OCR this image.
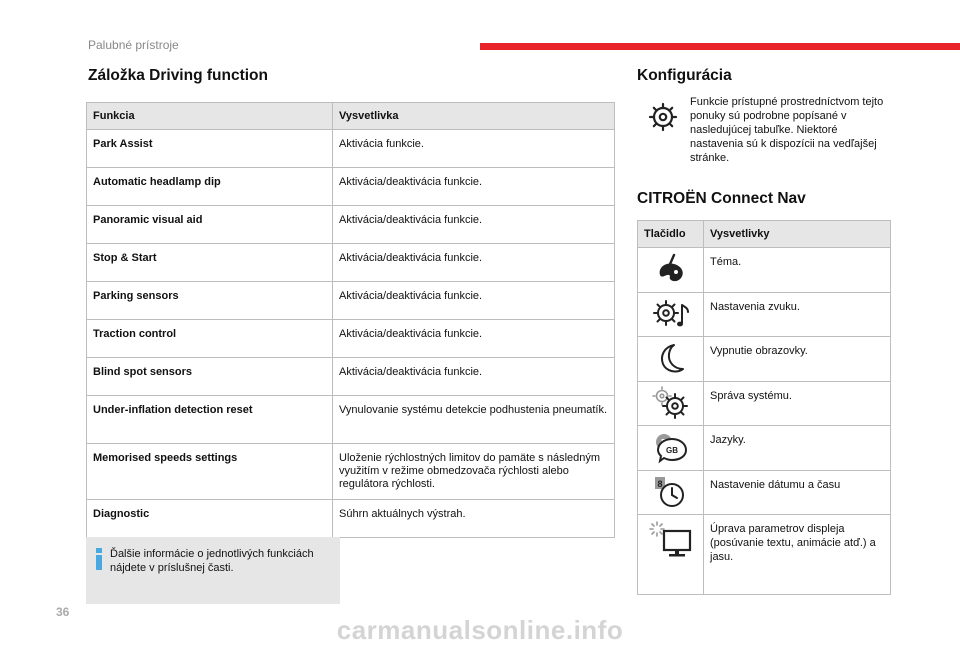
Palubné prístroje
Záložka Driving function
Funkcia	Vysvetlivka
Park Assist	Aktivácia funkcie.
Automatic headlamp dip	Aktivácia/deaktivácia funkcie.
Panoramic visual aid	Aktivácia/deaktivácia funkcie.
Stop & Start	Aktivácia/deaktivácia funkcie.
Parking sensors	Aktivácia/deaktivácia funkcie.
Traction control	Aktivácia/deaktivácia funkcie.
Blind spot sensors	Aktivácia/deaktivácia funkcie.
Under-inflation detection reset	Vynulovanie systému detekcie podhustenia pneumatík.
Memorised speeds settings	Uloženie rýchlostných limitov do pamäte s následným využitím v režime obmedzovača rýchlosti alebo regulátora rýchlosti.
Diagnostic	Súhrn aktuálnych výstrah.
Ďalšie informácie o jednotlivých funkciách nájdete v príslušnej časti.
Konfigurácia
Funkcie prístupné prostredníctvom tejto ponuky sú podrobne popísané v nasledujúcej tabuľke. Niektoré nastavenia sú k dispozícii na vedľajšej stránke.
CITROËN Connect Nav
Tlačidlo	Vysvetlivky

	Téma.

	Nastavenia zvuku.

	Vypnutie obrazovky.

	Správa systému.

GB	Jazyky.

8	Nastavenie dátumu a času

	Úprava parametrov displeja (posúvanie textu, animácie atď.) a jasu.
36
carmanualsonline.info
